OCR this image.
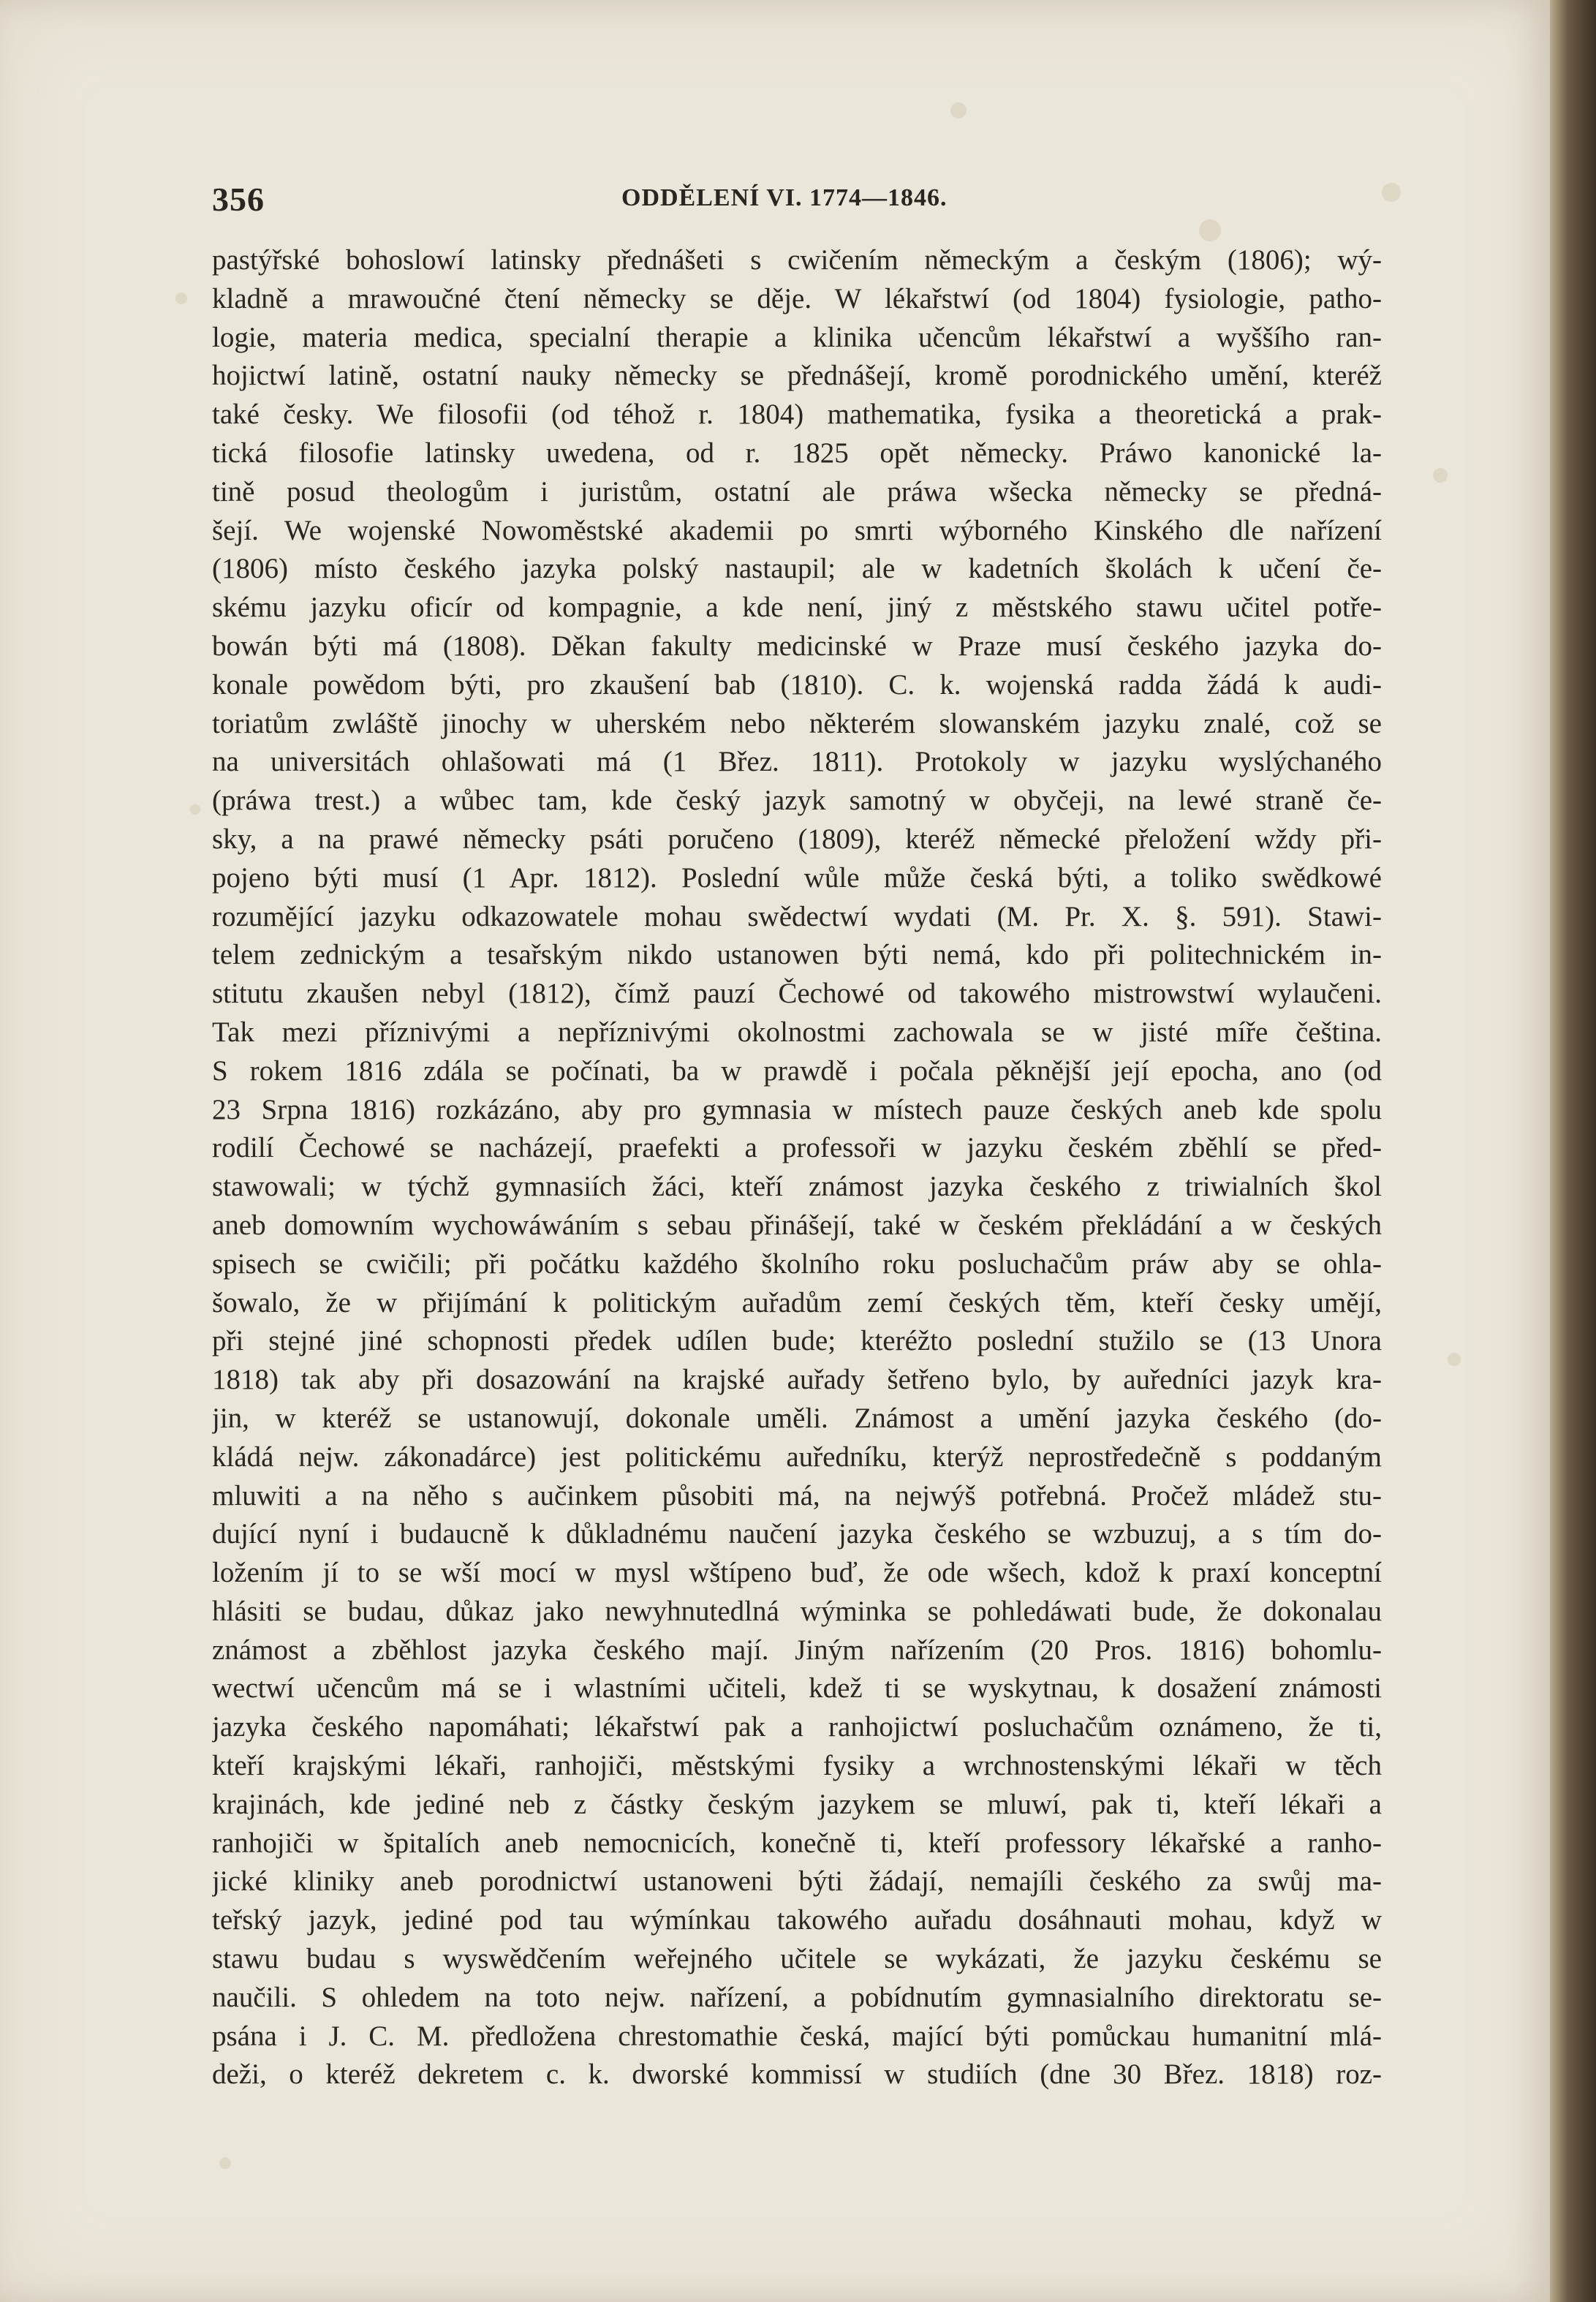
356	ODDĚLENÍ VI. 1774—1846.
pastýřské bohoslowí latinsky přednášeti s cwičením německým a českým (1806); wý-
kladně a mrawoučné čtení německy se děje. W lékařstwí (od 1804) fysiologie, patho-
logie, materia medica, specialní therapie a klinika učencům lékařstwí a wyššího ran-
hojictwí latině, ostatní nauky německy se přednášejí, kromě porodnického umění, kteréž
také česky. We filosofii (od téhož r. 1804) mathematika, fysika a theoretická a prak-
tická filosofie latinsky uwedena, od r. 1825 opět německy. Práwo kanonické la-
tině posud theologům i juristům, ostatní ale práwa wšecka německy se předná-
šejí. We wojenské Nowoměstské akademii po smrti wýborného Kinského dle nařízení
(1806) místo českého jazyka polský nastaupil; ale w kadetních školách k učení če-
skému jazyku oficír od kompagnie, a kde není, jiný z městského stawu učitel potře-
bowán býti má (1808). Děkan fakulty medicinské w Praze musí českého jazyka do-
konale powědom býti, pro zkaušení bab (1810). C. k. wojenská radda žádá k audi-
toriatům zwláště jinochy w uherském nebo některém slowanském jazyku znalé, což se
na universitách ohlašowati má (1 Břez. 1811). Protokoly w jazyku wyslýchaného
(práwa trest.) a wůbec tam, kde český jazyk samotný w obyčeji, na lewé straně če-
sky, a na prawé německy psáti poručeno (1809), kteréž německé přeložení wždy při-
pojeno býti musí (1 Apr. 1812). Poslední wůle může česká býti, a toliko swědkowé
rozumějící jazyku odkazowatele mohau swědectwí wydati (M. Pr. X. §. 591). Stawi-
telem zednickým a tesařským nikdo ustanowen býti nemá, kdo při politechnickém in-
stitutu zkaušen nebyl (1812), čímž pauzí Čechowé od takowého mistrowstwí wylaučeni.
Tak mezi příznivými a nepříznivými okolnostmi zachowala se w jisté míře čeština.
S rokem 1816 zdála se počínati, ba w prawdě i počala pěknější její epocha, ano (od
23 Srpna 1816) rozkázáno, aby pro gymnasia w místech pauze českých aneb kde spolu
rodilí Čechowé se nacházejí, praefekti a professoři w jazyku českém zběhlí se před-
stawowali; w týchž gymnasiích žáci, kteří známost jazyka českého z triwialních škol
aneb domowním wychowáwáním s sebau přinášejí, také w českém překládání a w českých
spisech se cwičili; při počátku každého školního roku posluchačům práw aby se ohla-
šowalo, že w přijímání k politickým auřadům zemí českých těm, kteří česky umějí,
při stejné jiné schopnosti předek udílen bude; kteréžto poslední stužilo se (13 Unora
1818) tak aby při dosazowání na krajské auřady šetřeno bylo, by auředníci jazyk kra-
jin, w kteréž se ustanowují, dokonale uměli. Známost a umění jazyka českého (do-
kládá nejw. zákonadárce) jest politickému auředníku, kterýž neprostředečně s poddaným
mluwiti a na něho s aučinkem působiti má, na nejwýš potřebná. Pročež mládež stu-
dující nyní i budaucně k důkladnému naučení jazyka českého se wzbuzuj, a s tím do-
ložením jí to se wší mocí w mysl wštípeno buď, že ode wšech, kdož k praxí konceptní
hlásiti se budau, důkaz jako newyhnutedlná wýminka se pohledáwati bude, že dokonalau
známost a zběhlost jazyka českého mají. Jiným nařízením (20 Pros. 1816) bohomlu-
wectwí učencům má se i wlastními učiteli, kdež ti se wyskytnau, k dosažení známosti
jazyka českého napomáhati; lékařstwí pak a ranhojictwí posluchačům oznámeno, že ti,
kteří krajskými lékaři, ranhojiči, městskými fysiky a wrchnostenskými lékaři w těch
krajinách, kde jediné neb z částky českým jazykem se mluwí, pak ti, kteří lékaři a
ranhojiči w špitalích aneb nemocnicích, konečně ti, kteří professory lékařské a ranho-
jické kliniky aneb porodnictwí ustanoweni býti žádají, nemajíli českého za swůj ma-
teřský jazyk, jediné pod tau wýmínkau takowého auřadu dosáhnauti mohau, když w
stawu budau s wyswědčením weřejného učitele se wykázati, že jazyku českému se
naučili. S ohledem na toto nejw. nařízení, a pobídnutím gymnasialního direktoratu se-
psána i J. C. M. předložena chrestomathie česká, mající býti pomůckau humanitní mlá-
deži, o kteréž dekretem c. k. dworské kommissí w studiích (dne 30 Břez. 1818) roz-
